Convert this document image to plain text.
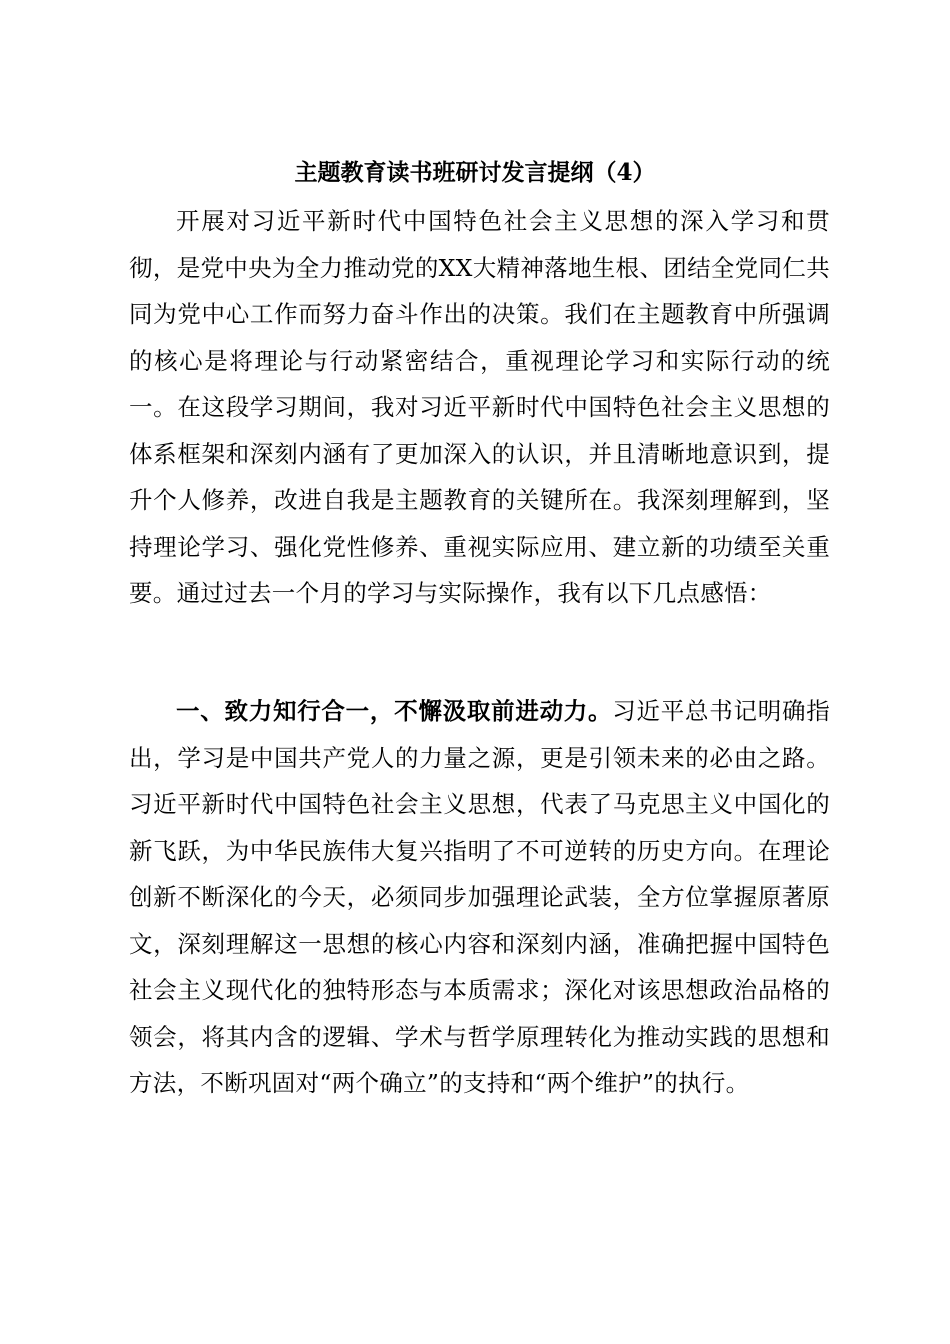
主题教育读书班研讨发言提纲（4）

开展对习近平新时代中国特色社会主义思想的深入学习和贯彻，是党中央为全力推动党的XX大精神落地生根、团结全党同仁共同为党中心工作而努力奋斗作出的决策。我们在主题教育中所强调的核心是将理论与行动紧密结合，重视理论学习和实际行动的统一。在这段学习期间，我对习近平新时代中国特色社会主义思想的体系框架和深刻内涵有了更加深入的认识，并且清晰地意识到，提升个人修养，改进自我是主题教育的关键所在。我深刻理解到，坚持理论学习、强化党性修养、重视实际应用、建立新的功绩至关重要。通过过去一个月的学习与实际操作，我有以下几点感悟：

一、致力知行合一，不懈汲取前进动力。习近平总书记明确指出，学习是中国共产党人的力量之源，更是引领未来的必由之路。习近平新时代中国特色社会主义思想，代表了马克思主义中国化的新飞跃，为中华民族伟大复兴指明了不可逆转的历史方向。在理论创新不断深化的今天，必须同步加强理论武装，全方位掌握原著原文，深刻理解这一思想的核心内容和深刻内涵，准确把握中国特色社会主义现代化的独特形态与本质需求；深化对该思想政治品格的领会，将其内含的逻辑、学术与哲学原理转化为推动实践的思想和方法，不断巩固对“两个确立”的支持和“两个维护”的执行。
